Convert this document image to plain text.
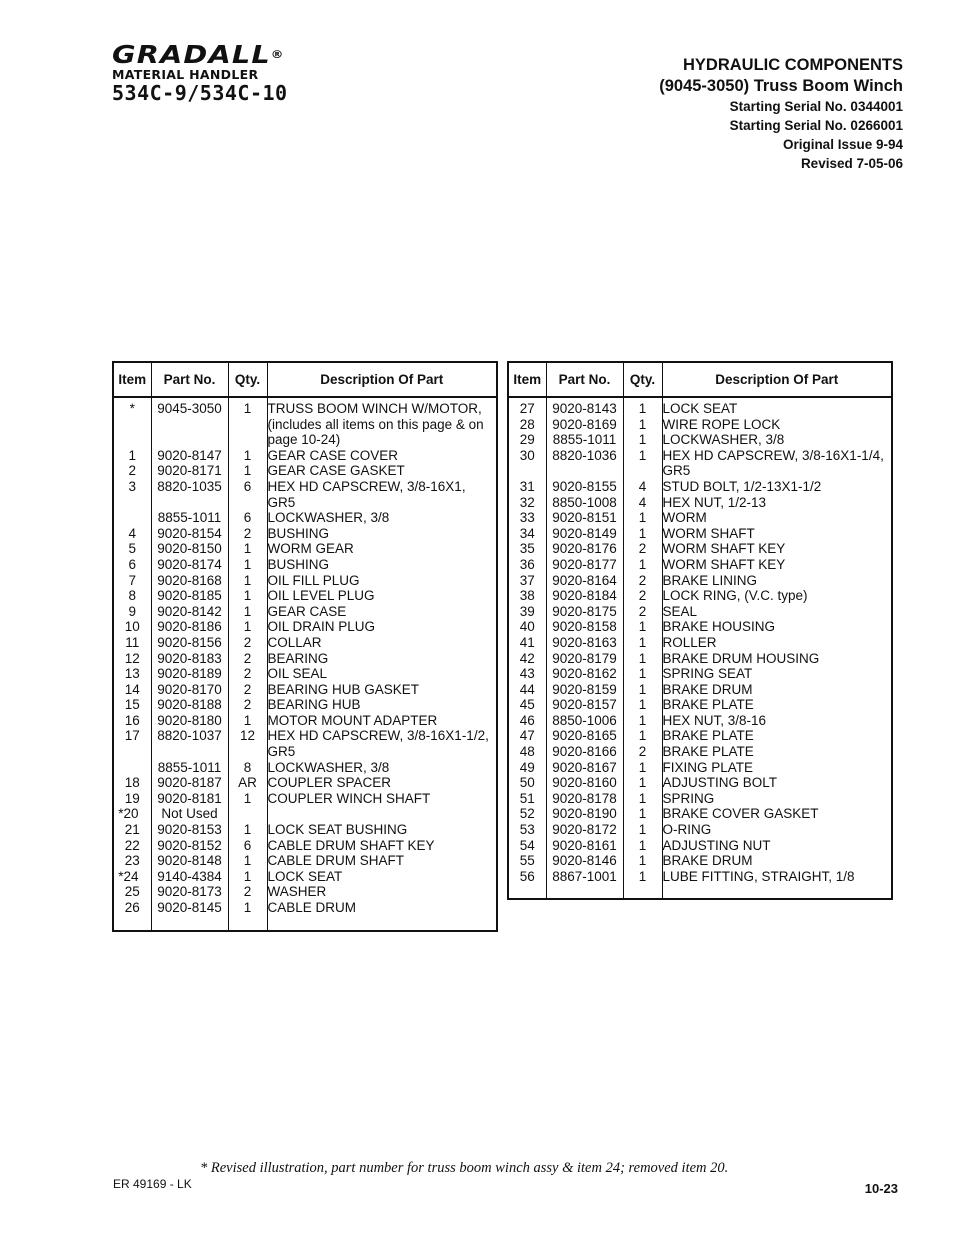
GRADALL®
MATERIAL HANDLER
534C-9/534C-10
HYDRAULIC COMPONENTS
(9045-3050) Truss Boom Winch
Starting Serial No. 0344001
Starting Serial No. 0266001
Original Issue 9-94
Revised 7-05-06
Item	Part No.	Qty.	Description Of Part
*	9045-3050	1	TRUSS BOOM WINCH W/MOTOR, (includes all items on this page & on page 10-24)
1	9020-8147	1	GEAR CASE COVER
2	9020-8171	1	GEAR CASE GASKET
3	8820-1035	6	HEX HD CAPSCREW, 3/8-16X1, GR5
	8855-1011	6	LOCKWASHER, 3/8
4	9020-8154	2	BUSHING
5	9020-8150	1	WORM GEAR
6	9020-8174	1	BUSHING
7	9020-8168	1	OIL FILL PLUG
8	9020-8185	1	OIL LEVEL PLUG
9	9020-8142	1	GEAR CASE
10	9020-8186	1	OIL DRAIN PLUG
11	9020-8156	2	COLLAR
12	9020-8183	2	BEARING
13	9020-8189	2	OIL SEAL
14	9020-8170	2	BEARING HUB GASKET
15	9020-8188	2	BEARING HUB
16	9020-8180	1	MOTOR MOUNT ADAPTER
17	8820-1037	12	HEX HD CAPSCREW, 3/8-16X1-1/2, GR5
	8855-1011	8	LOCKWASHER, 3/8
18	9020-8187	AR	COUPLER SPACER
19	9020-8181	1	COUPLER WINCH SHAFT
*20	Not Used		
21	9020-8153	1	LOCK SEAT BUSHING
22	9020-8152	6	CABLE DRUM SHAFT KEY
23	9020-8148	1	CABLE DRUM SHAFT
*24	9140-4384	1	LOCK SEAT
25	9020-8173	2	WASHER
26	9020-8145	1	CABLE DRUM
Item	Part No.	Qty.	Description Of Part
27	9020-8143	1	LOCK SEAT
28	9020-8169	1	WIRE ROPE LOCK
29	8855-1011	1	LOCKWASHER, 3/8
30	8820-1036	1	HEX HD CAPSCREW, 3/8-16X1-1/4, GR5
31	9020-8155	4	STUD BOLT, 1/2-13X1-1/2
32	8850-1008	4	HEX NUT, 1/2-13
33	9020-8151	1	WORM
34	9020-8149	1	WORM SHAFT
35	9020-8176	2	WORM SHAFT KEY
36	9020-8177	1	WORM SHAFT KEY
37	9020-8164	2	BRAKE LINING
38	9020-8184	2	LOCK RING, (V.C. type)
39	9020-8175	2	SEAL
40	9020-8158	1	BRAKE HOUSING
41	9020-8163	1	ROLLER
42	9020-8179	1	BRAKE DRUM HOUSING
43	9020-8162	1	SPRING SEAT
44	9020-8159	1	BRAKE DRUM
45	9020-8157	1	BRAKE PLATE
46	8850-1006	1	HEX NUT, 3/8-16
47	9020-8165	1	BRAKE PLATE
48	9020-8166	2	BRAKE PLATE
49	9020-8167	1	FIXING PLATE
50	9020-8160	1	ADJUSTING BOLT
51	9020-8178	1	SPRING
52	9020-8190	1	BRAKE COVER GASKET
53	9020-8172	1	O-RING
54	9020-8161	1	ADJUSTING NUT
55	9020-8146	1	BRAKE DRUM
56	8867-1001	1	LUBE FITTING, STRAIGHT, 1/8
* Revised illustration, part number for truss boom winch assy & item 24; removed item 20.
ER 49169 - LK	10-23
